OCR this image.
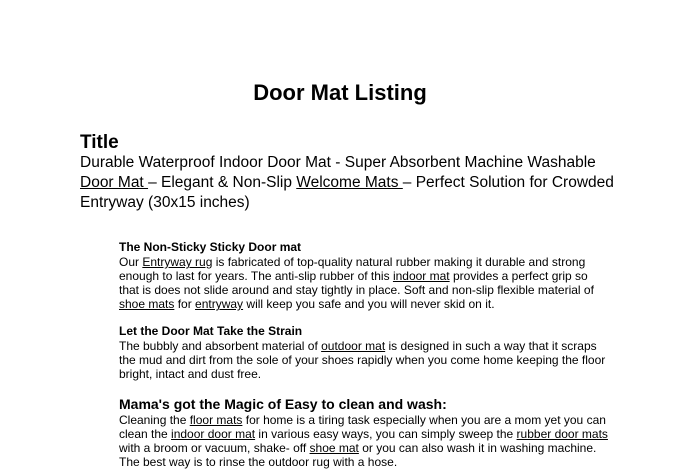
Door Mat Listing
Title
Durable Waterproof Indoor Door Mat - Super Absorbent Machine Washable Door Mat – Elegant & Non-Slip Welcome Mats – Perfect Solution for Crowded Entryway (30x15 inches)
The Non-Sticky Sticky Door mat
Our Entryway rug is fabricated of top-quality natural rubber making it durable and strong enough to last for years. The anti-slip rubber of this indoor mat provides a perfect grip so that is does not slide around and stay tightly in place. Soft and non-slip flexible material of shoe mats for entryway will keep you safe and you will never skid on it.
Let the Door Mat Take the Strain
The bubbly and absorbent material of outdoor mat is designed in such a way that it scraps the mud and dirt from the sole of your shoes rapidly when you come home keeping the floor bright, intact and dust free.
Mama's got the Magic of Easy to clean and wash:
Cleaning the floor mats for home is a tiring task especially when you are a mom yet you can clean the indoor door mat in various easy ways, you can simply sweep the rubber door mats with a broom or vacuum, shake- off shoe mat or you can also wash it in washing machine. The best way is to rinse the outdoor rug with a hose.
